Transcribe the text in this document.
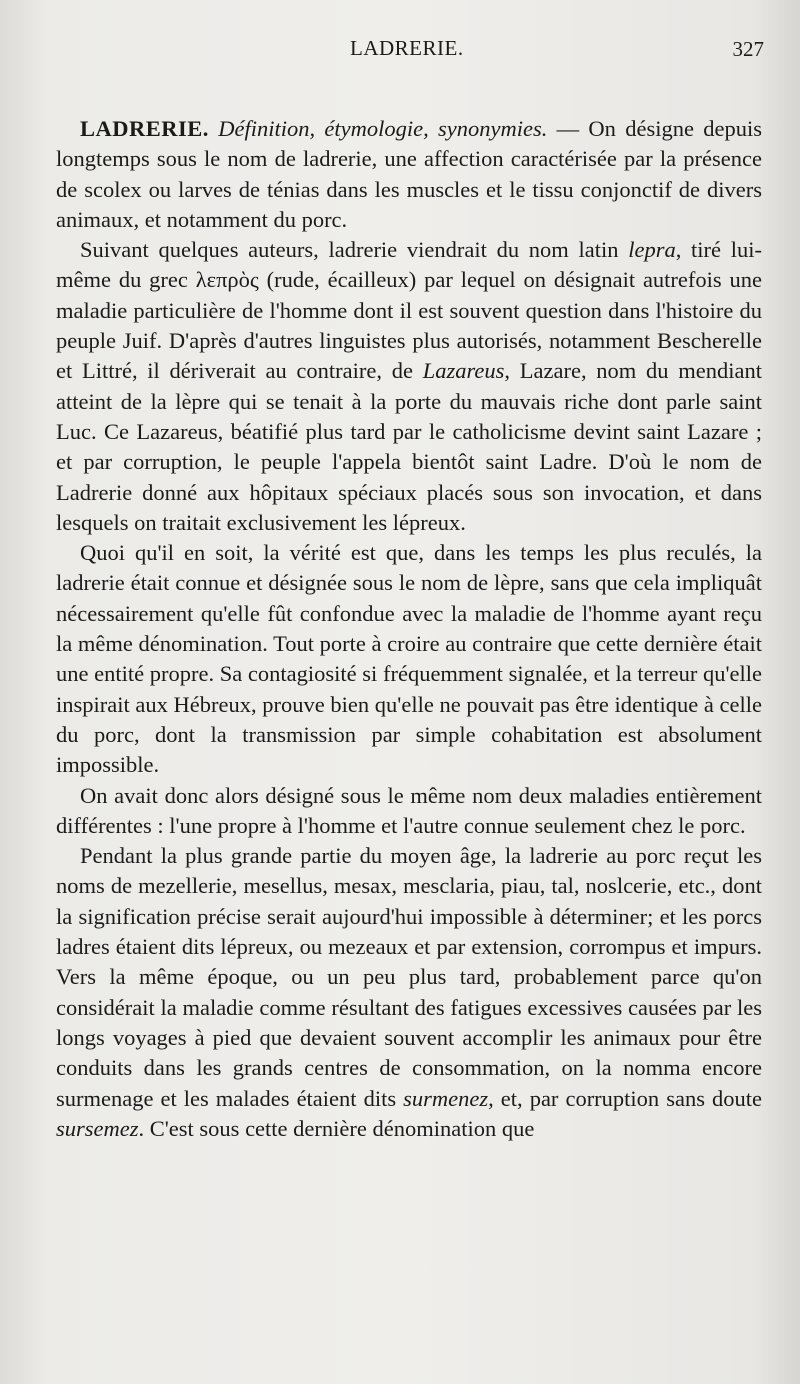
LADRERIE.	327

LADRERIE. Définition, étymologie, synonymies. — On désigne depuis longtemps sous le nom de ladrerie, une affection caractérisée par la présence de scolex ou larves de ténias dans les muscles et le tissu conjonctif de divers animaux, et notamment du porc.

Suivant quelques auteurs, ladrerie viendrait du nom latin lepra, tiré lui-même du grec λεπρὸς (rude, écailleux) par lequel on désignait autrefois une maladie particulière de l'homme dont il est souvent question dans l'histoire du peuple Juif. D'après d'autres linguistes plus autorisés, notamment Bescherelle et Littré, il dériverait au contraire, de Lazareus, Lazare, nom du mendiant atteint de la lèpre qui se tenait à la porte du mauvais riche dont parle saint Luc. Ce Lazareus, béatifié plus tard par le catholicisme devint saint Lazare ; et par corruption, le peuple l'appela bientôt saint Ladre. D'où le nom de Ladrerie donné aux hôpitaux spéciaux placés sous son invocation, et dans lesquels on traitait exclusivement les lépreux.

Quoi qu'il en soit, la vérité est que, dans les temps les plus reculés, la ladrerie était connue et désignée sous le nom de lèpre, sans que cela impliquât nécessairement qu'elle fût confondue avec la maladie de l'homme ayant reçu la même dénomination. Tout porte à croire au contraire que cette dernière était une entité propre. Sa contagiosité si fréquemment signalée, et la terreur qu'elle inspirait aux Hébreux, prouve bien qu'elle ne pouvait pas être identique à celle du porc, dont la transmission par simple cohabitation est absolument impossible.

On avait donc alors désigné sous le même nom deux maladies entièrement différentes : l'une propre à l'homme et l'autre connue seulement chez le porc.

Pendant la plus grande partie du moyen âge, la ladrerie au porc reçut les noms de mezellerie, mesellus, mesax, mesclaria, piau, tal, noslcerie, etc., dont la signification précise serait aujourd'hui impossible à déterminer; et les porcs ladres étaient dits lépreux, ou mezeaux et par extension, corrompus et impurs. Vers la même époque, ou un peu plus tard, probablement parce qu'on considérait la maladie comme résultant des fatigues excessives causées par les longs voyages à pied que devaient souvent accomplir les animaux pour être conduits dans les grands centres de consommation, on la nomma encore surmenage et les malades étaient dits surmenez, et, par corruption sans doute sursemez. C'est sous cette dernière dénomination que
